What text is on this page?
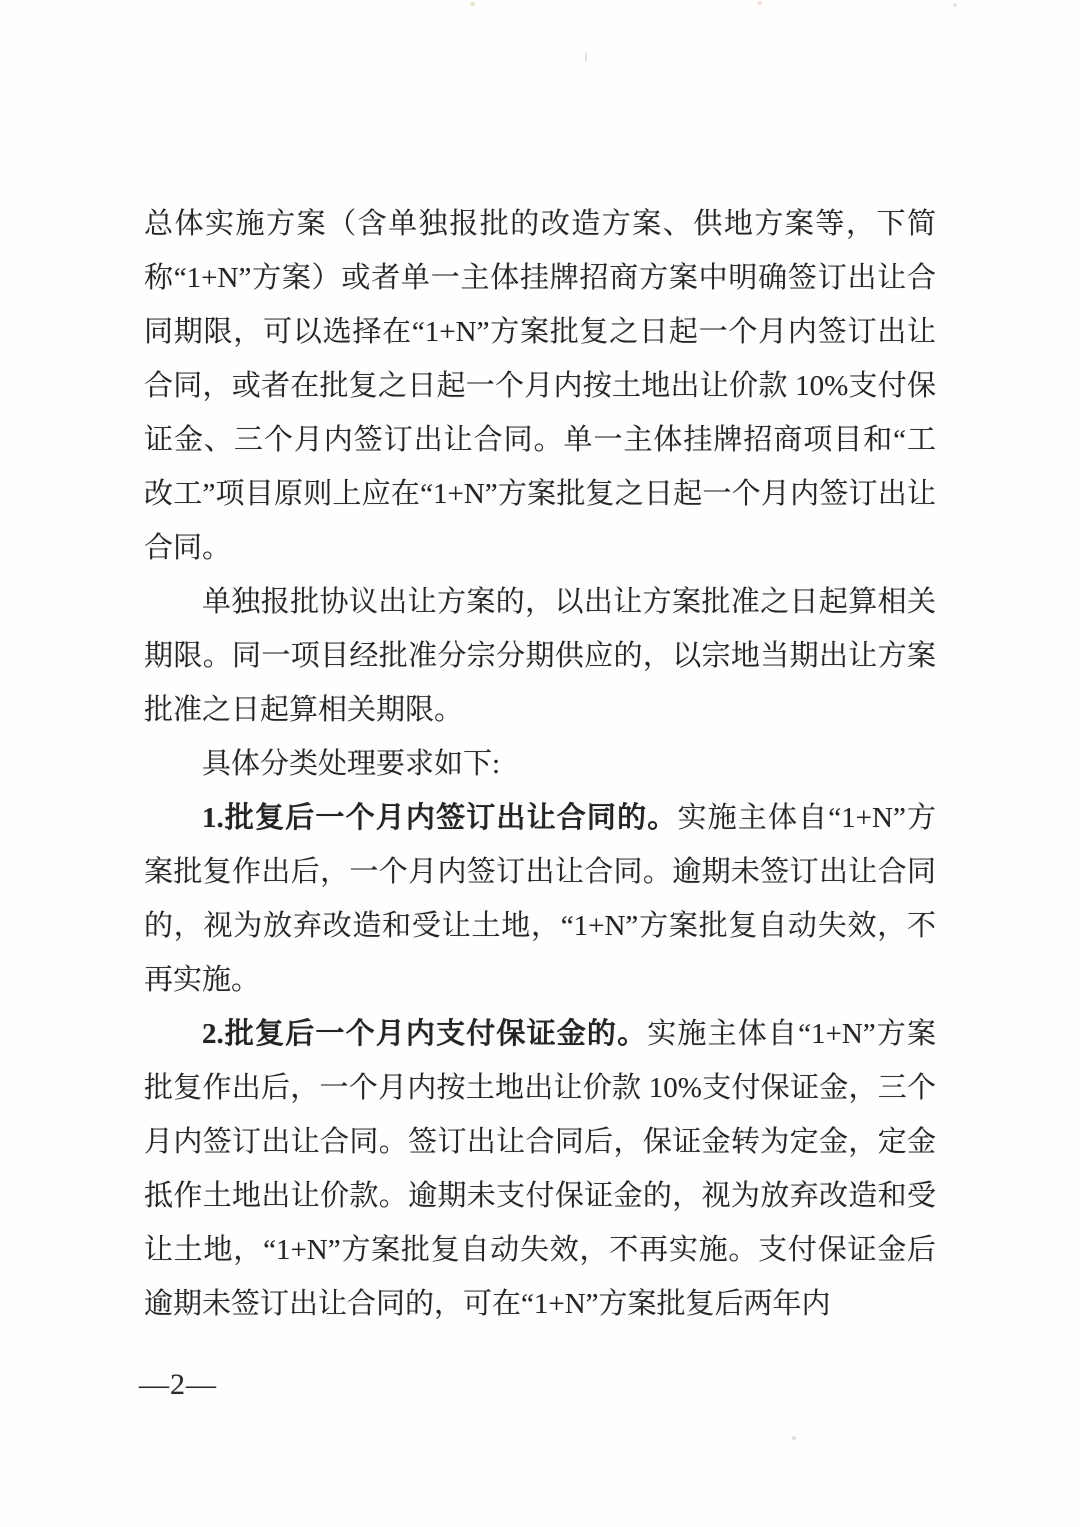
总体实施方案（含单独报批的改造方案、供地方案等，下简称“1+N”方案）或者单一主体挂牌招商方案中明确签订出让合同期限，可以选择在“1+N”方案批复之日起一个月内签订出让合同，或者在批复之日起一个月内按土地出让价款 10%支付保证金、三个月内签订出让合同。单一主体挂牌招商项目和“工改工”项目原则上应在“1+N”方案批复之日起一个月内签订出让合同。

单独报批协议出让方案的，以出让方案批准之日起算相关期限。同一项目经批准分宗分期供应的，以宗地当期出让方案批准之日起算相关期限。

具体分类处理要求如下:

1.批复后一个月内签订出让合同的。实施主体自“1+N”方案批复作出后，一个月内签订出让合同。逾期未签订出让合同的，视为放弃改造和受让土地，“1+N”方案批复自动失效，不再实施。

2.批复后一个月内支付保证金的。实施主体自“1+N”方案批复作出后，一个月内按土地出让价款 10%支付保证金，三个月内签订出让合同。签订出让合同后，保证金转为定金，定金抵作土地出让价款。逾期未支付保证金的，视为放弃改造和受让土地，“1+N”方案批复自动失效，不再实施。支付保证金后逾期未签订出让合同的，可在“1+N”方案批复后两年内

—2—
